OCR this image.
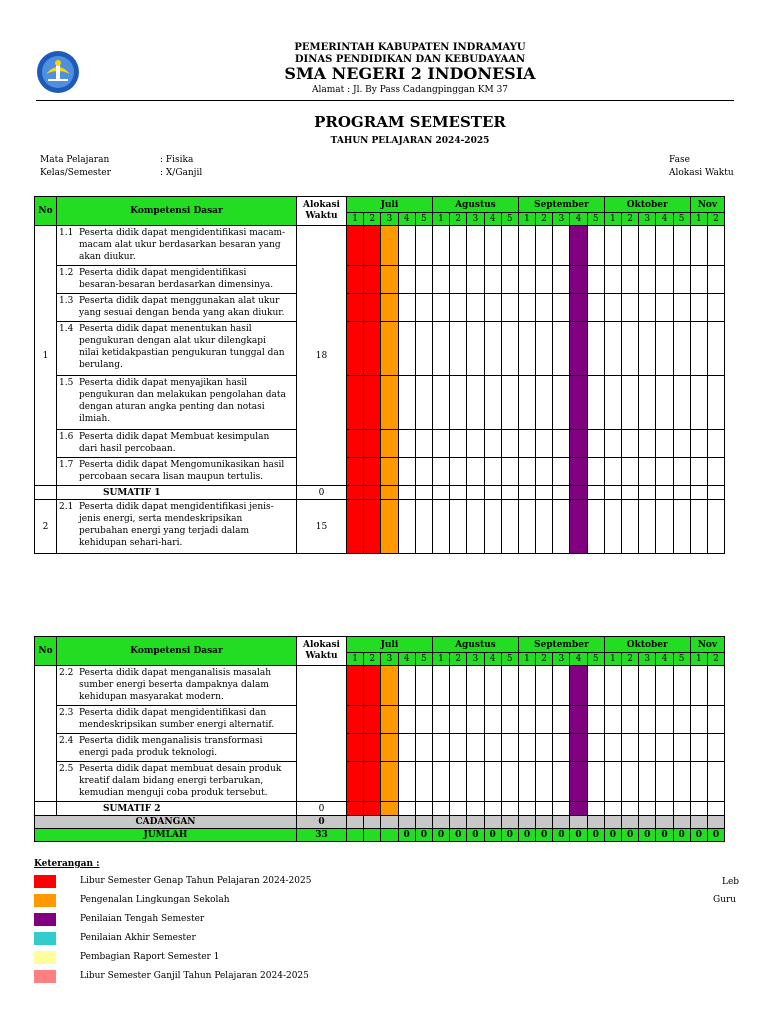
PEMERINTAH KABUPATEN INDRAMAYU
DINAS PENDIDIKAN DAN KEBUDAYAAN
SMA NEGERI 2 INDONESIA
Alamat : Jl. By Pass Cadangpinggan KM 37
PROGRAM SEMESTER
TAHUN PELAJARAN 2024-2025
Mata Pelajaran	: Fisika
Kelas/Semester	: X/Ganjil
Fase
Alokasi Waktu
No	Kompetensi Dasar	Alokasi Waktu	Juli					Agustus					September					Oktober					Nov	
			1	2	3	4	5	1	2	3	4	5	1	2	3	4	5	1	2	3	4	5	1	2
1	1.1 Peserta didik dapat mengidentifikasi macam-macam alat ukur berdasarkan besaran yang akan diukur.	18																						
	1.2 Peserta didik dapat mengidentifikasi besaran-besaran berdasarkan dimensinya.																							
	1.3 Peserta didik dapat menggunakan alat ukur yang sesuai dengan benda yang akan diukur.																							
	1.4 Peserta didik dapat menentukan hasil pengukuran dengan alat ukur dilengkapi nilai ketidakpastian pengukuran tunggal dan berulang.																							
	1.5 Peserta didik dapat menyajikan hasil pengukuran dan melakukan pengolahan data dengan aturan angka penting dan notasi ilmiah.																							
	1.6 Peserta didik dapat Membuat kesimpulan dari hasil percobaan.																							
	1.7 Peserta didik dapat Mengomunikasikan hasil percobaan secara lisan maupun tertulis.																							
	SUMATIF 1	0																						
2	2.1 Peserta didik dapat mengidentifikasi jenis-jenis energi, serta mendeskripsikan perubahan energi yang terjadi dalam kehidupan sehari-hari.	15																						
No	Kompetensi Dasar	Alokasi Waktu	Juli					Agustus					September					Oktober					Nov	
			1	2	3	4	5	1	2	3	4	5	1	2	3	4	5	1	2	3	4	5	1	2
	2.2 Peserta didik dapat menganalisis masalah sumber energi beserta dampaknya dalam kehidupan masyarakat modern.																							
	2.3 Peserta didik dapat mengidentifikasi dan mendeskripsikan sumber energi alternatif.																							
	2.4 Peserta didik menganalisis transformasi energi pada produk teknologi.																							
	2.5 Peserta didik dapat membuat desain produk kreatif dalam bidang energi terbarukan, kemudian menguji coba produk tersebut.																							
	SUMATIF 2	0																						
CADANGAN		0																						
JUMLAH		33				0	0	0	0	0	0	0	0	0	0	0	0	0	0	0	0	0	0	0
Keterangan :
Libur Semester Genap Tahun Pelajaran 2024-2025
Pengenalan Lingkungan Sekolah
Penilaian Tengah Semester
Penilaian Akhir Semester
Pembagian Raport Semester 1
Libur Semester Ganjil Tahun Pelajaran 2024-2025
Leb
Guru
